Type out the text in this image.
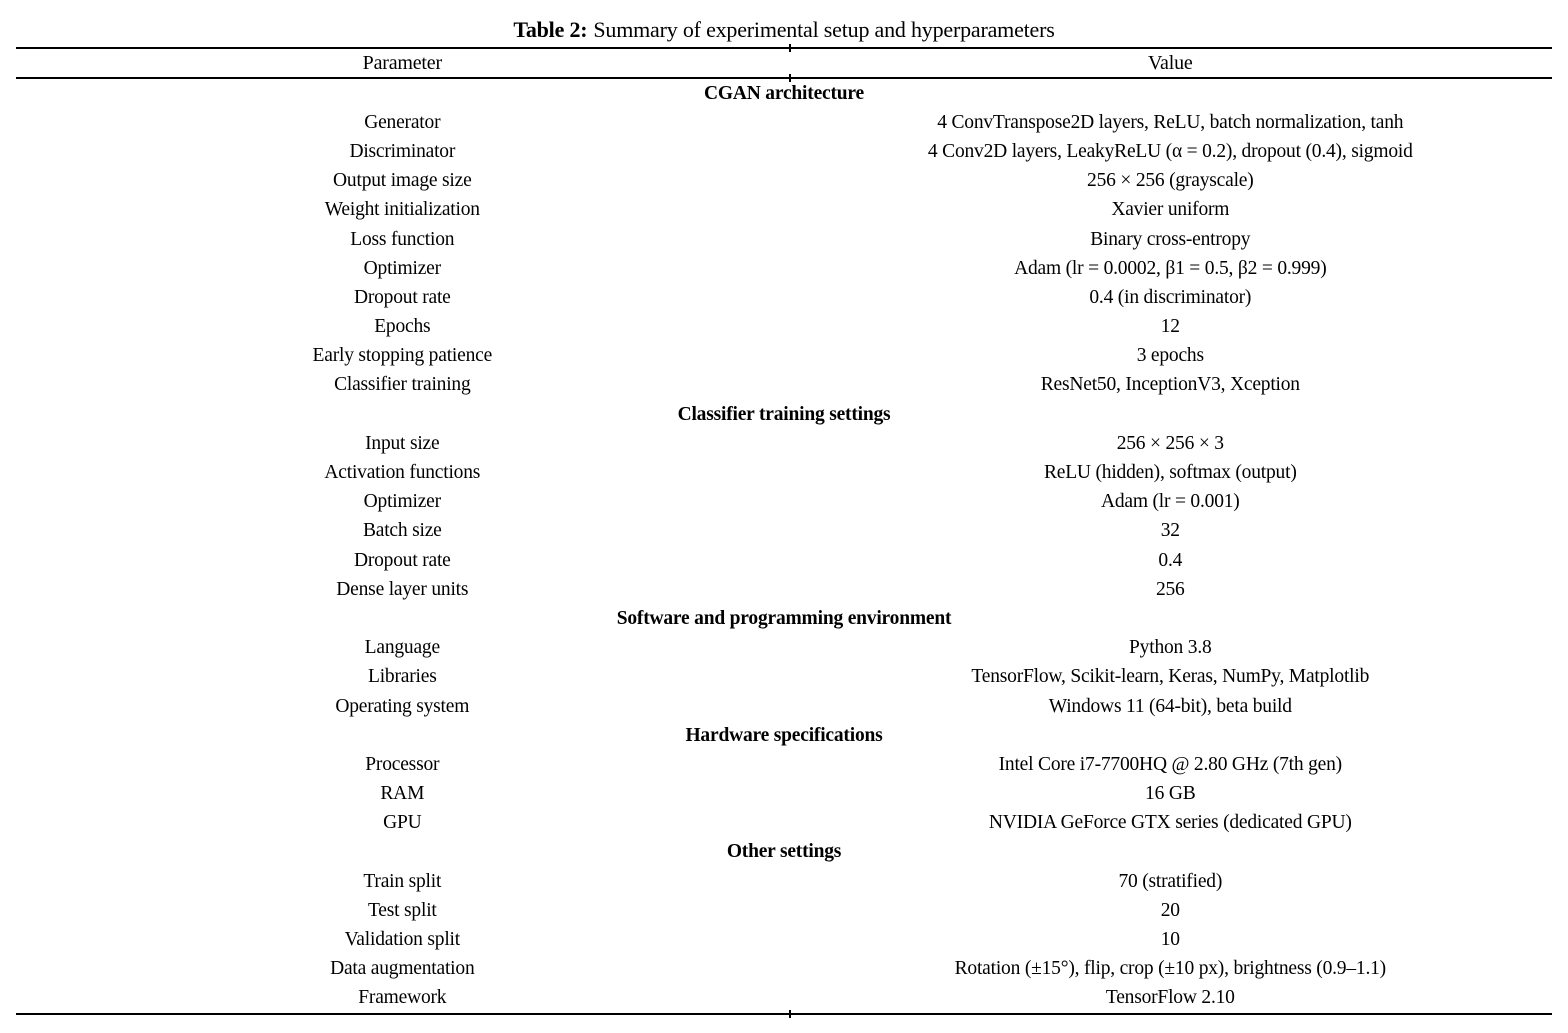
Table 2: Summary of experimental setup and hyperparameters
Parameter	Value
CGAN architecture
Generator	4 ConvTranspose2D layers, ReLU, batch normalization, tanh
Discriminator	4 Conv2D layers, LeakyReLU (α = 0.2), dropout (0.4), sigmoid
Output image size	256 × 256 (grayscale)
Weight initialization	Xavier uniform
Loss function	Binary cross-entropy
Optimizer	Adam (lr = 0.0002, β1 = 0.5, β2 = 0.999)
Dropout rate	0.4 (in discriminator)
Epochs	12
Early stopping patience	3 epochs
Classifier training	ResNet50, InceptionV3, Xception
Classifier training settings
Input size	256 × 256 × 3
Activation functions	ReLU (hidden), softmax (output)
Optimizer	Adam (lr = 0.001)
Batch size	32
Dropout rate	0.4
Dense layer units	256
Software and programming environment
Language	Python 3.8
Libraries	TensorFlow, Scikit-learn, Keras, NumPy, Matplotlib
Operating system	Windows 11 (64-bit), beta build
Hardware specifications
Processor	Intel Core i7-7700HQ @ 2.80 GHz (7th gen)
RAM	16 GB
GPU	NVIDIA GeForce GTX series (dedicated GPU)
Other settings
Train split	70 (stratified)
Test split	20
Validation split	10
Data augmentation	Rotation (±15°), flip, crop (±10 px), brightness (0.9–1.1)
Framework	TensorFlow 2.10
